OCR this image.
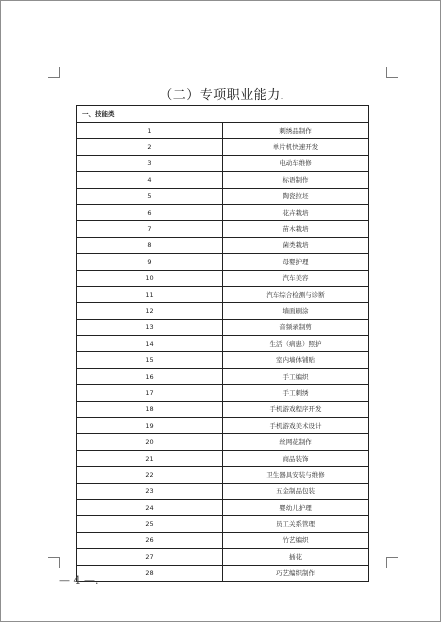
（二）专项职业能力.
一、技能类	
1	刺绣品制作
2	单片机快速开发
3	电动车维修
4	标语制作
5	陶瓷拉坯
6	花卉栽培
7	苗木栽培
8	菌类栽培
9	母婴护理
10	汽车美容
11	汽车综合检测与诊断
12	墙面刷涂
13	音频录制剪
14	生活（病患）照护
15	室内墙体铺贴
16	手工编织
17	手工刺绣
18	手机游戏程序开发
19	手机游戏美术设计
20	丝网花制作
21	商品装饰
22	卫生器具安装与维修
23	五金制品包装
24	婴幼儿护理
25	员工关系管理
26	竹艺编织
27	插花
28	巧艺编织制作
— 4 —.
